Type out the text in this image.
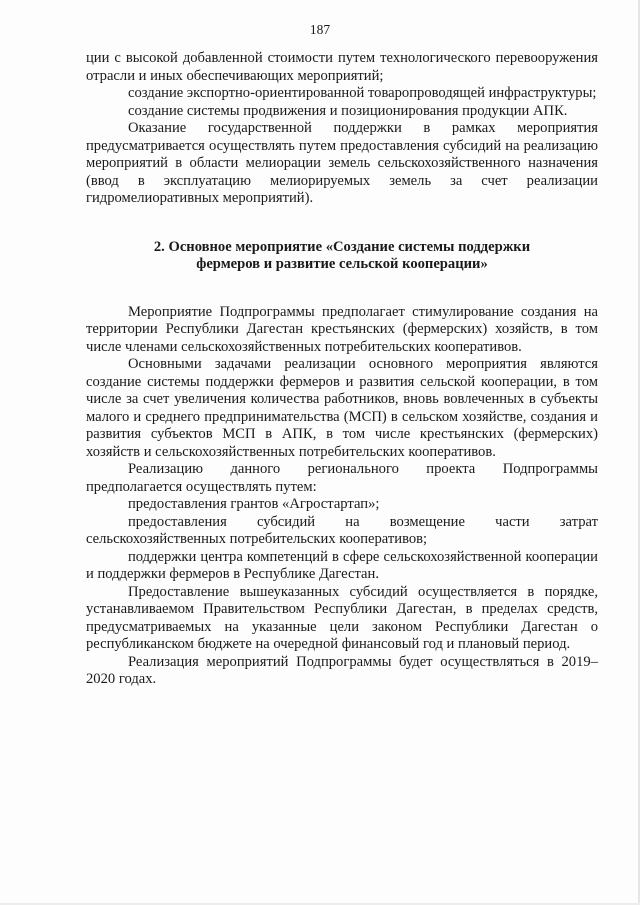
187

ции с высокой добавленной стоимости путем технологического перевооружения отрасли и иных обеспечивающих мероприятий;

создание экспортно-ориентированной товаропроводящей инфраструктуры;

создание системы продвижения и позиционирования продукции АПК.

Оказание государственной поддержки в рамках мероприятия предусматривается осуществлять путем предоставления субсидий на реализацию мероприятий в области мелиорации земель сельскохозяйственного назначения (ввод в эксплуатацию мелиорируемых земель за счет реализации гидромелиоративных мероприятий).

2. Основное мероприятие «Создание системы поддержки
фермеров и развитие сельской кооперации»

Мероприятие Подпрограммы предполагает стимулирование создания на территории Республики Дагестан крестьянских (фермерских) хозяйств, в том числе членами сельскохозяйственных потребительских кооперативов.

Основными задачами реализации основного мероприятия являются создание системы поддержки фермеров и развития сельской кооперации, в том числе за счет увеличения количества работников, вновь вовлеченных в субъекты малого и среднего предпринимательства (МСП) в сельском хозяйстве, создания и развития субъектов МСП в АПК, в том числе крестьянских (фермерских) хозяйств и сельскохозяйственных потребительских кооперативов.

Реализацию данного регионального проекта Подпрограммы предполагается осуществлять путем:

предоставления грантов «Агростартап»;

предоставления субсидий на возмещение части затрат сельскохозяйственных потребительских кооперативов;

поддержки центра компетенций в сфере сельскохозяйственной кооперации и поддержки фермеров в Республике Дагестан.

Предоставление вышеуказанных субсидий осуществляется в порядке, устанавливаемом Правительством Республики Дагестан, в пределах средств, предусматриваемых на указанные цели законом Республики Дагестан о республиканском бюджете на очередной финансовый год и плановый период.

Реализация мероприятий Подпрограммы будет осуществляться в 2019–2020 годах.
